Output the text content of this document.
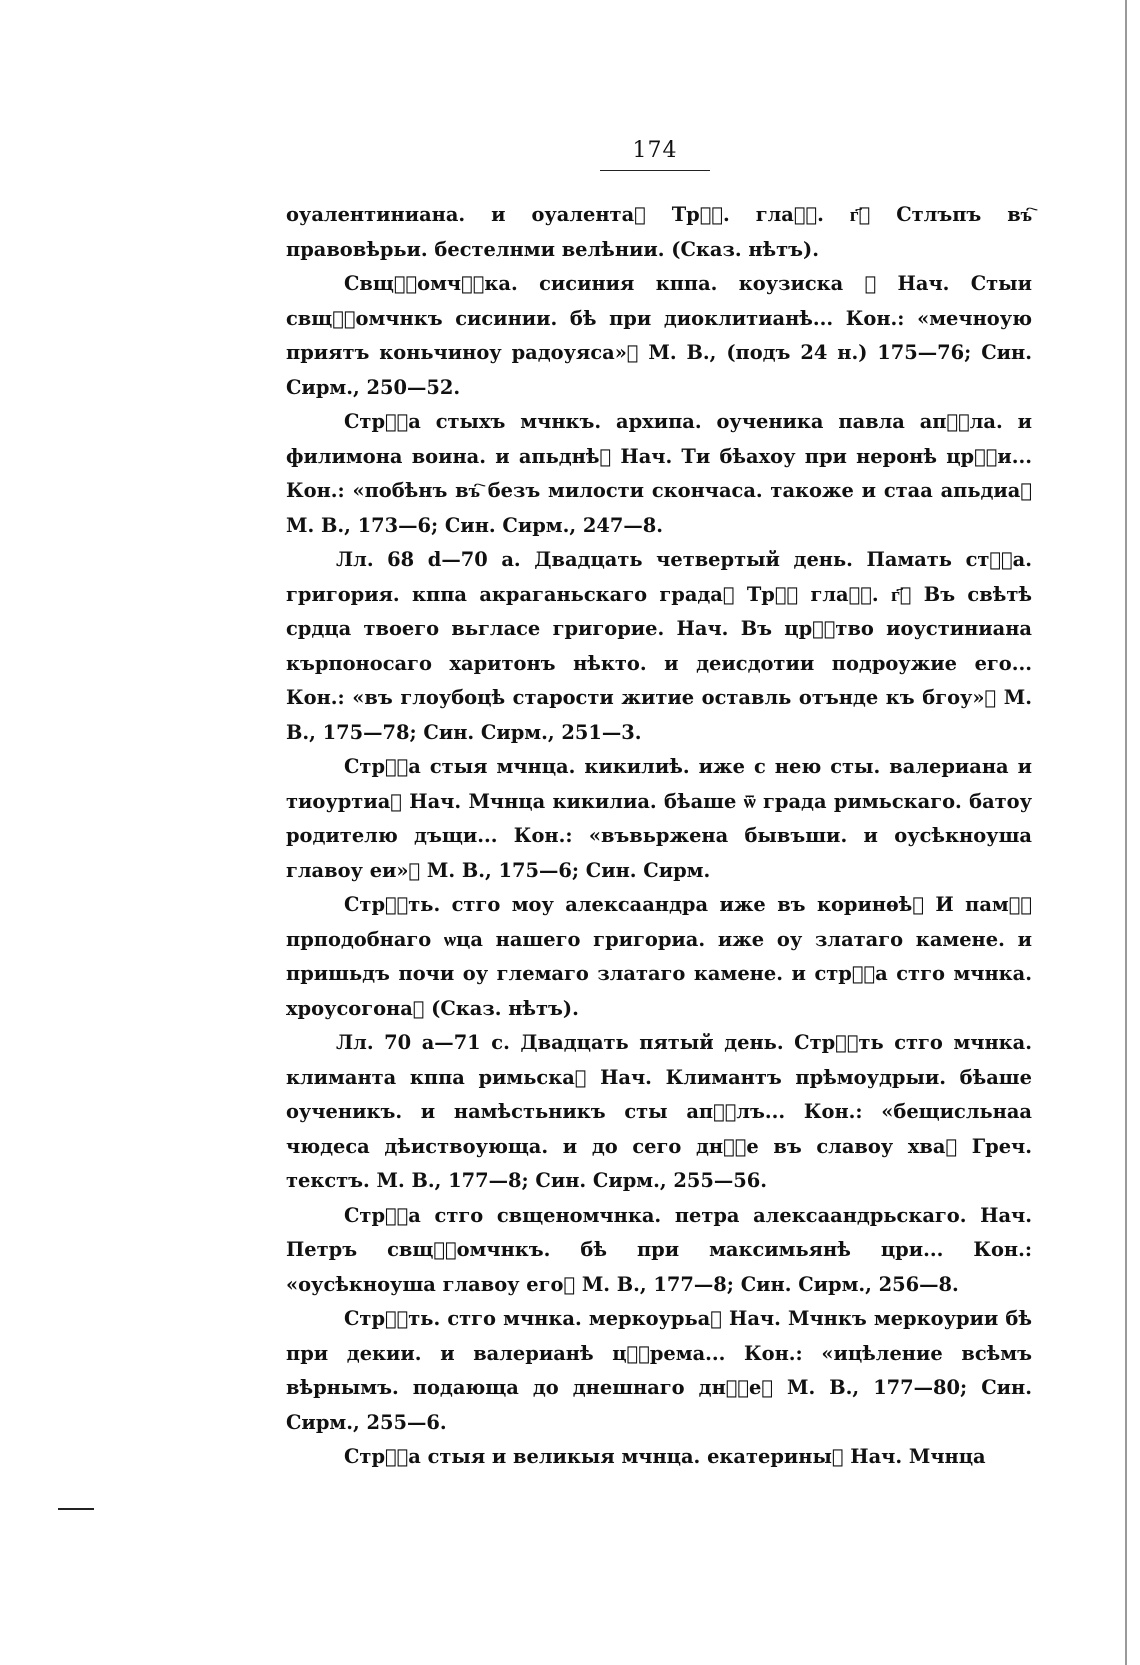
174

оуалентиниана. и оуалента⁖ Трⷬ҇. глаⷭ҇. г҃⁖ Стлъпъ въ҇ правовѣрьи. бестелнми велѣнии. (Сказ. нѣтъ).

Свщⷩ҇омчⷩ҇ка. сисиния кппа. коузиска ⁖ Нач. Стыи свщⷩ҇омчнкъ сисинии. бѣ при диоклитианѣ... Кон.: «мечноую приятъ коньчиноу радоуяса»⁖ М. В., (подъ 24 н.) 175—76; Син. Сирм., 250—52.

Стрⷭ҇а стыхъ мчнкъ. архипа. оученика павла апⷭ҇ла. и филимона воина. и апьднѣ⁖ Нач. Ти бѣахоу при неронѣ црⷭ҇и... Кон.: «побѣнъ въ҇ безъ милости скончаса. такоже и стаа апьдиа⁖ М. В., 173—6; Син. Сирм., 247—8.

Лл. 68 d—70 а. Двадцать четвертый день. Памать стⷭ҇а. григория. кппа акраганьскаго града⁖ Трⷬ҇ глаⷭ҇. г҃⁖ Въ свѣтѣ срдца твоего вьгласе григорие. Нач. Въ црⷭ҇тво иоустиниана кърпоносаго харитонъ нѣкто. и деисдотии подроужие его... Кон.: «въ глоубоцѣ старости житие оставль отънде къ бгоу»⁖ М. В., 175—78; Син. Сирм., 251—3.

Стрⷭ҇а стыя мчнца. кикилиѣ. иже с нею сты. валериана и тиоуртиа⁖ Нач. Мчнца кикилиа. бѣаше ѿ града римьскаго. батоу родителю дъщи... Кон.: «въвьржена бывъши. и оусѣкноуша главоу еи»⁖ М. В., 175—6; Син. Сирм.

Стрⷭ҇ть. стго моу алексаандра иже въ коринѳѣ⁖ И памⷭ҇ прподобнаго ѡца нашего григориа. иже оу златаго камене. и пришьдъ почи оу глемаго златаго камене. и стрⷭ҇а стго мчнка. хроусогона⁖ (Сказ. нѣтъ).

Лл. 70 а—71 с. Двадцать пятый день. Стрⷭ҇ть стго мчнка. климанта кппа римьска⁖ Нач. Климантъ прѣмоудрыи. бѣаше оученикъ. и намѣстьникъ сты апⷭ҇лъ... Кон.: «бещисльнаа чюдеса дѣиствоующа. и до сего днⷭ҇е въ славоу хва⁖ Греч. текстъ. М. В., 177—8; Син. Сирм., 255—56.

Стрⷭ҇а стго свщеномчнка. петра алексаандрьскаго. Нач. Петръ свщⷩ҇омчнкъ. бѣ при максимьянѣ цри... Кон.: «оусѣкноуша главоу его⁖ М. В., 177—8; Син. Сирм., 256—8.

Стрⷭ҇ть. стго мчнка. меркоурьа⁖ Нач. Мчнкъ меркоурии бѣ при декии. и валерианѣ цⷭ҇рема... Кон.: «ицѣление всѣмъ вѣрнымъ. подающа до днешнаго днⷭ҇е⁖ М. В., 177—80; Син. Сирм., 255—6.

Стрⷭ҇а стыя и великыя мчнца. екатерины⁖ Нач. Мчнца
